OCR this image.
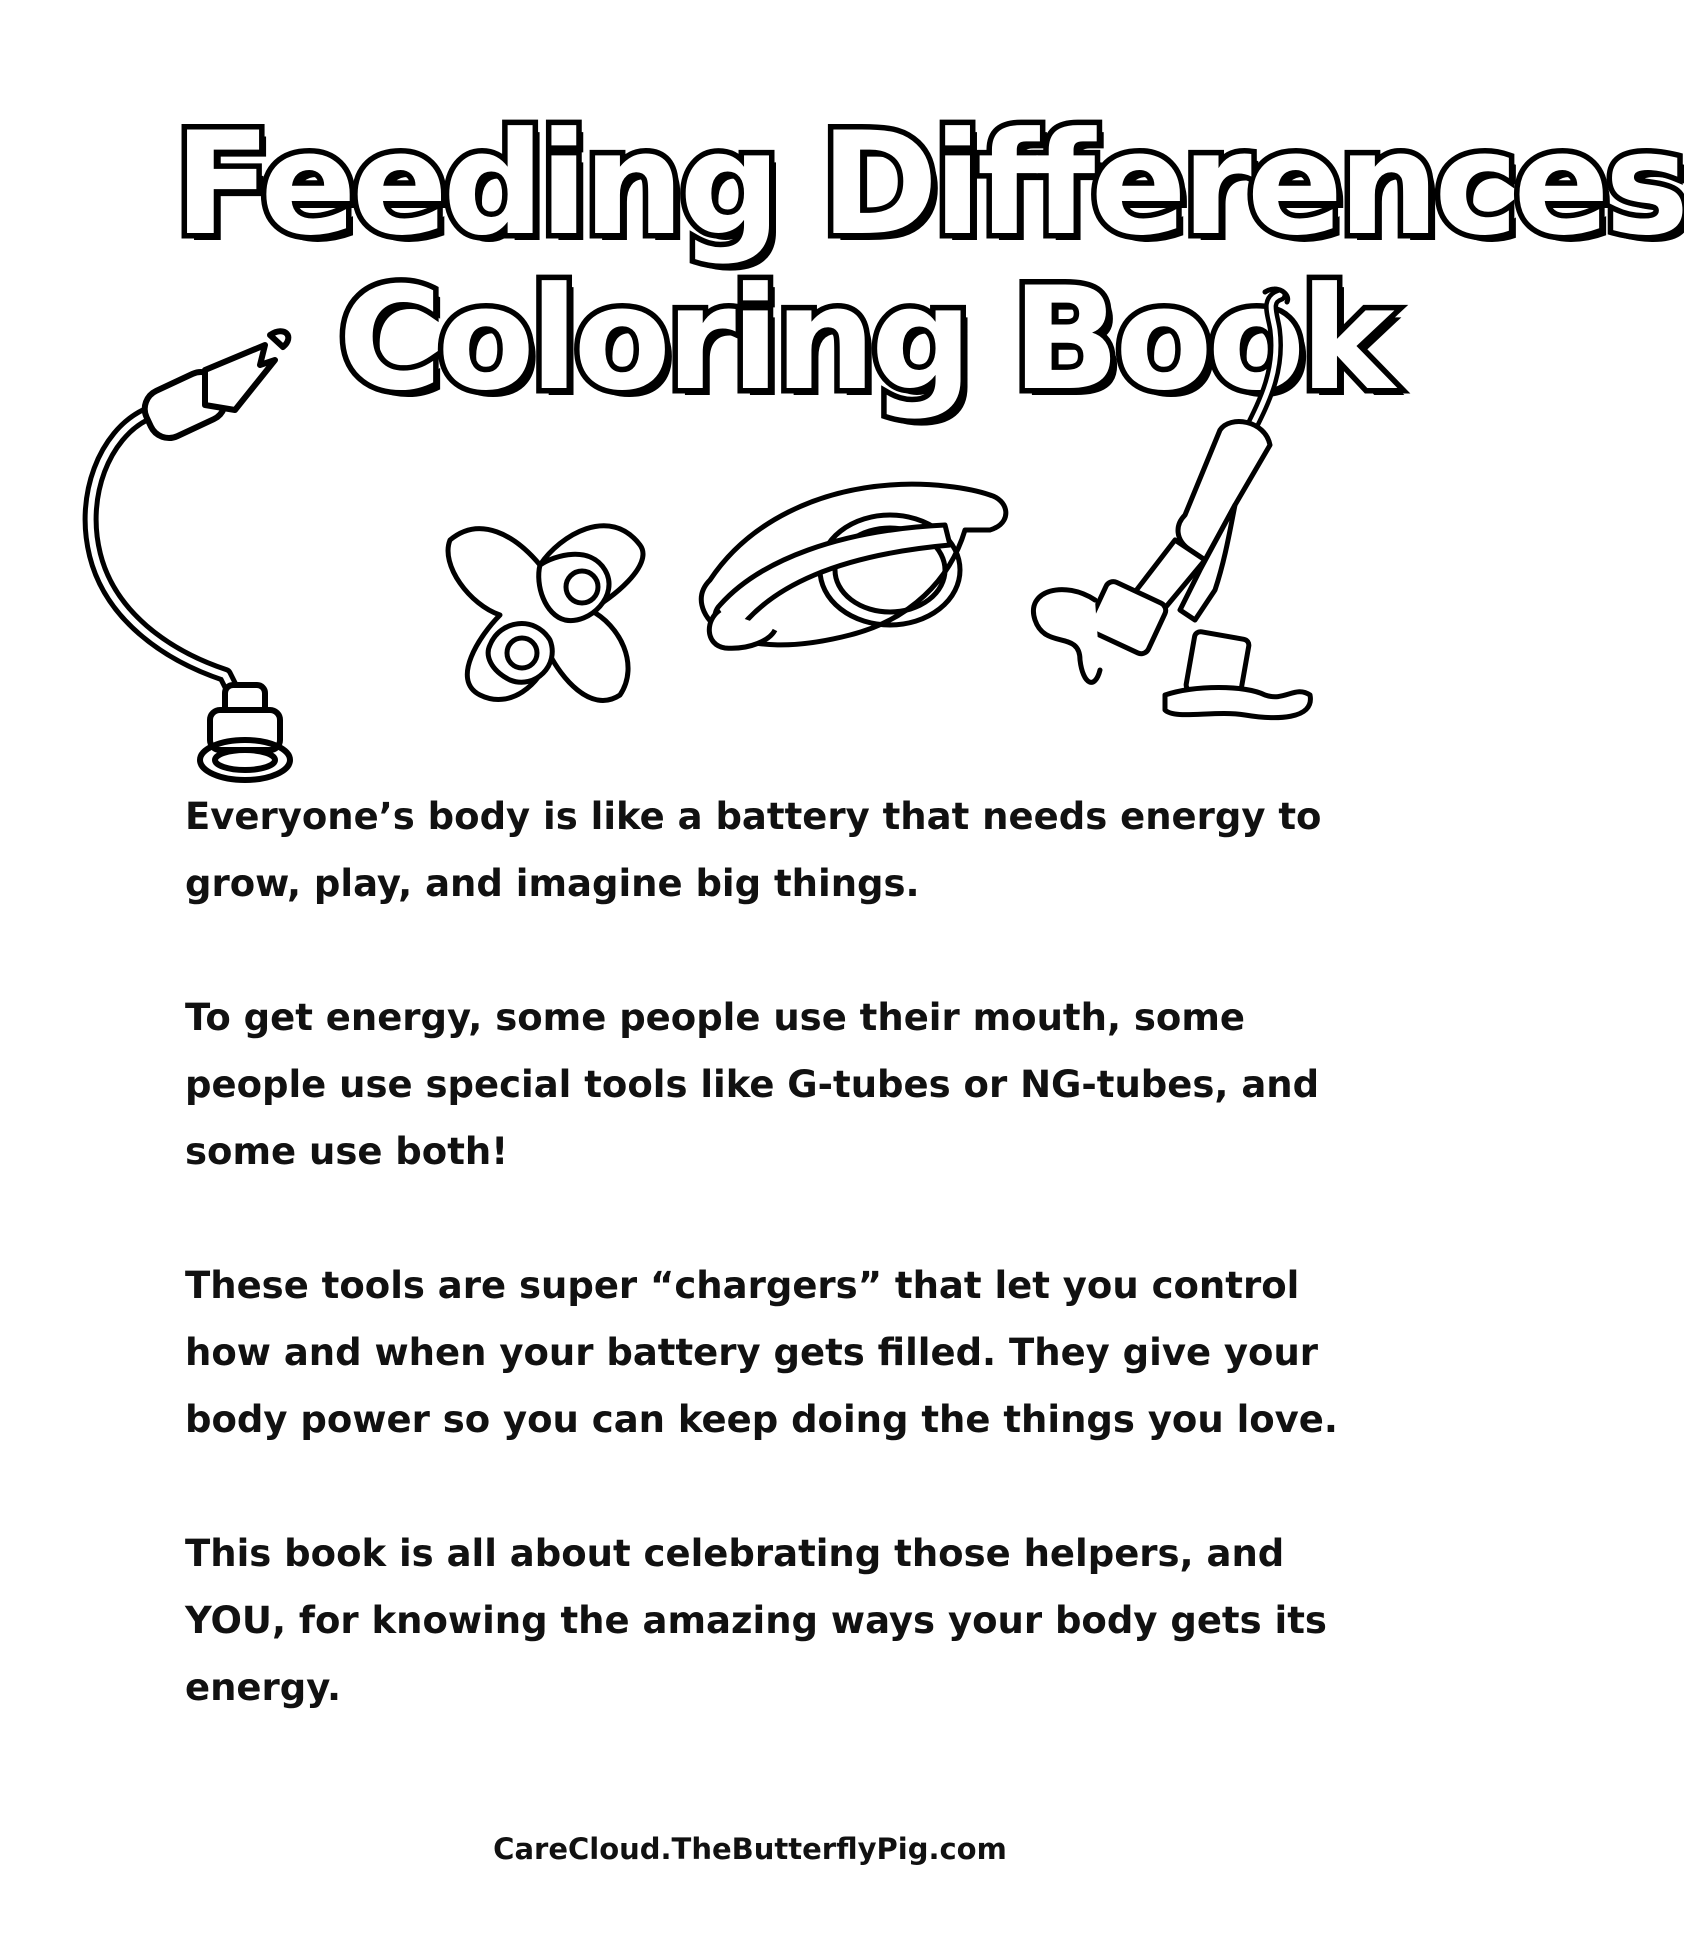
Feeding Differences
Coloring Book

Everyone’s body is like a battery that needs energy to grow, play, and imagine big things.

To get energy, some people use their mouth, some people use special tools like G-tubes or NG-tubes, and some use both!

These tools are super “chargers” that let you control how and when your battery gets filled. They give your body power so you can keep doing the things you love.

This book is all about celebrating those helpers, and YOU, for knowing the amazing ways your body gets its energy.

CareCloud.TheButterflyPig.com
